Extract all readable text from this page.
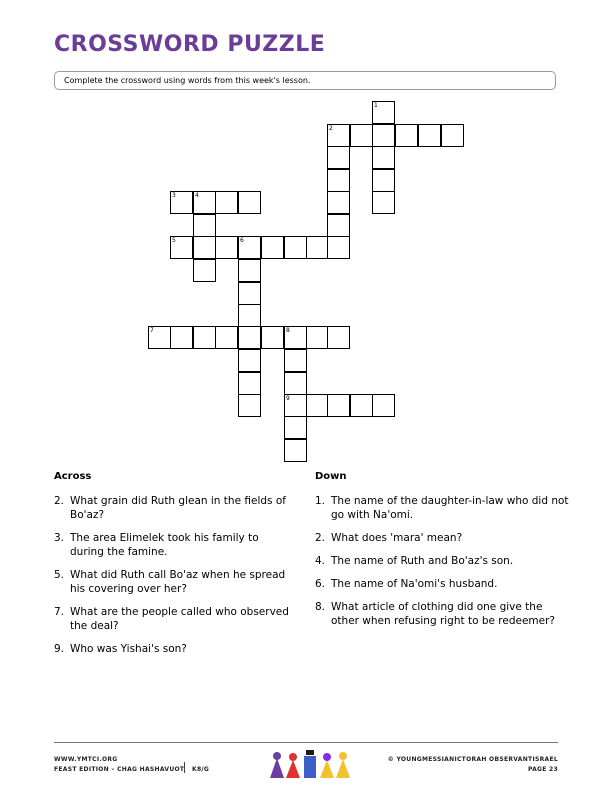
CROSSWORD PUZZLE
Complete the crossword using words from this week's lesson.
1
2
3	4
5	6
7	8
9
Across
2. What grain did Ruth glean in the fields of Bo'az?
3. The area Elimelek took his family to during the famine.
5. What did Ruth call Bo'az when he spread his covering over her?
7. What are the people called who observed the deal?
9. Who was Yishai's son?
Down
1. The name of the daughter-in-law who did not go with Na'omi.
2. What does 'mara' mean?
4. The name of Ruth and Bo'az's son.
6. The name of Na'omi's husband.
8. What article of clothing did one give the other when refusing right to be redeemer?
WWW.YMTCI.ORG
FEAST EDITION – CHAG HASHAVUOT K8/G
© YOUNGMESSIANICTORAH OBSERVANTISRAEL
PAGE 23
